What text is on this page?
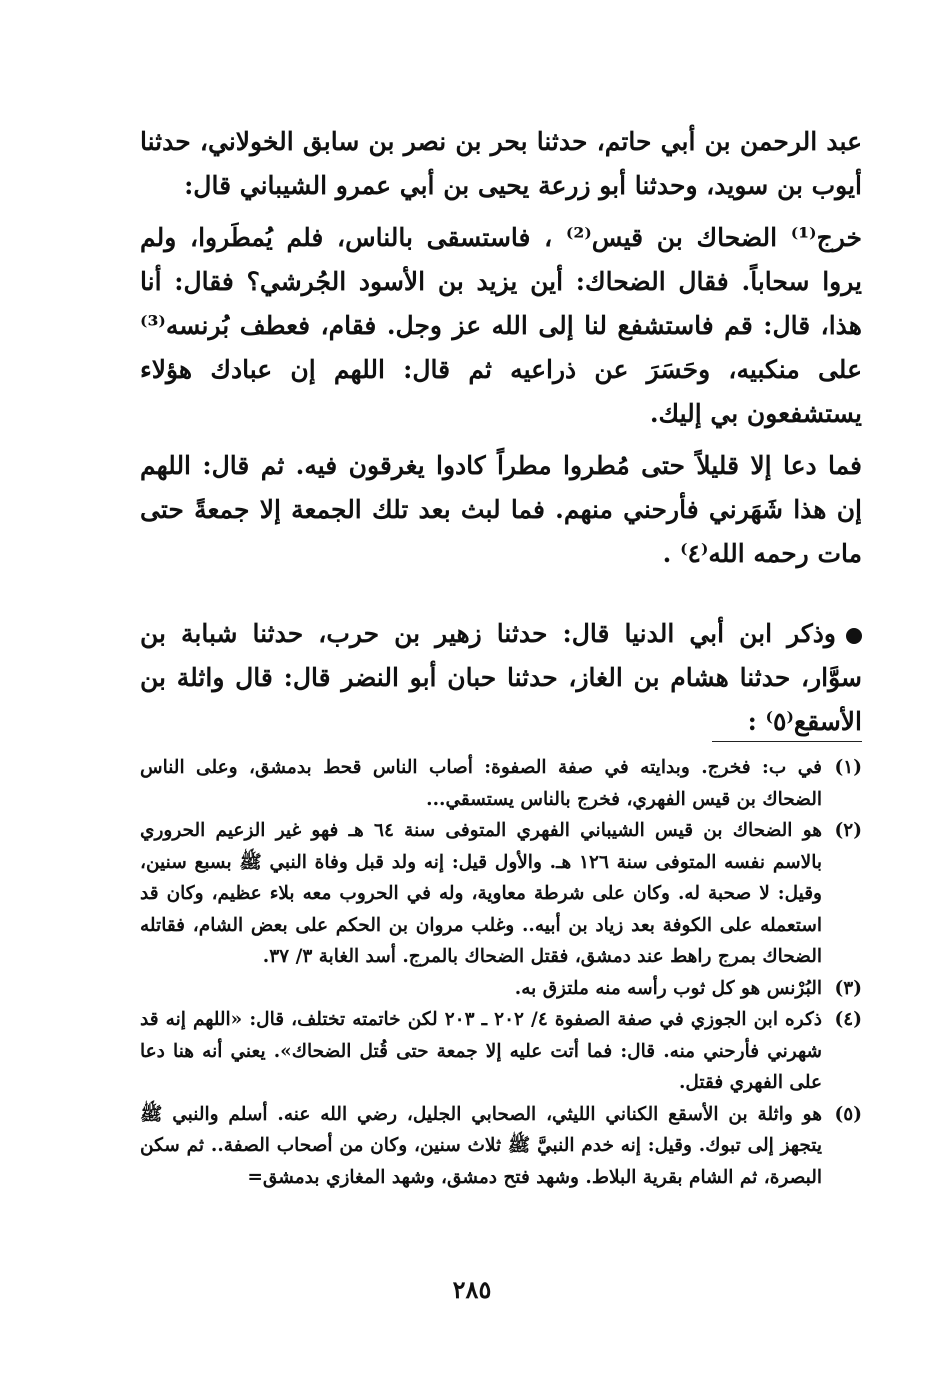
عبد الرحمن بن أبي حاتم، حدثنا بحر بن نصر بن سابق الخولاني، حدثنا أيوب بن سويد، وحدثنا أبو زرعة يحيى بن أبي عمرو الشيباني قال:

خرج⁽¹⁾ الضحاك بن قيس⁽²⁾ ، فاستسقى بالناس، فلم يُمطَروا، ولم يروا سحاباً. فقال الضحاك: أين يزيد بن الأسود الجُرشي؟ فقال: أنا هذا، قال: قم فاستشفع لنا إلى الله عز وجل. فقام، فعطف بُرنسه⁽³⁾ على منكبيه، وحَسَرَ عن ذراعيه ثم قال: اللهم إن عبادك هؤلاء يستشفعون بي إليك.

فما دعا إلا قليلاً حتى مُطروا مطراً كادوا يغرقون فيه. ثم قال: اللهم إن هذا شَهَرني فأرحني منهم. فما لبث بعد تلك الجمعة إلا جمعةً حتى مات رحمه الله⁽٤⁾ .

وذكر ابن أبي الدنيا قال: حدثنا زهير بن حرب، حدثنا شبابة بن سوَّار، حدثنا هشام بن الغاز، حدثنا حبان أبو النضر قال: قال واثلة بن الأسقع⁽٥⁾ :

(١)
في ب: فخرج. وبدايته في صفة الصفوة: أصاب الناس قحط بدمشق، وعلى الناس الضحاك بن قيس الفهري، فخرج بالناس يستسقي...

(٢)
هو الضحاك بن قيس الشيباني الفهري المتوفى سنة ٦٤ هـ فهو غير الزعيم الحروري بالاسم نفسه المتوفى سنة ١٢٦ هـ. والأول قيل: إنه ولد قبل وفاة النبي ﷺ بسبع سنين، وقيل: لا صحبة له. وكان على شرطة معاوية، وله في الحروب معه بلاء عظيم، وكان قد استعمله على الكوفة بعد زياد بن أبيه.. وغلب مروان بن الحكم على بعض الشام، فقاتله الضحاك بمرج راهط عند دمشق، فقتل الضحاك بالمرج. أسد الغابة ٣/ ٣٧.

(٣)
البُرْنس هو كل ثوب رأسه منه ملتزق به.

(٤)
ذكره ابن الجوزي في صفة الصفوة ٤/ ٢٠٢ ـ ٢٠٣ لكن خاتمته تختلف، قال: «اللهم إنه قد شهرني فأرحني منه. قال: فما أتت عليه إلا جمعة حتى قُتل الضحاك». يعني أنه هنا دعا على الفهري فقتل.

(٥)
هو واثلة بن الأسقع الكناني الليثي، الصحابي الجليل، رضي الله عنه. أسلم والنبي ﷺ يتجهز إلى تبوك. وقيل: إنه خدم النبيَّ ﷺ ثلاث سنين، وكان من أصحاب الصفة.. ثم سكن البصرة، ثم الشام بقرية البلاط. وشهد فتح دمشق، وشهد المغازي بدمشق=

٢٨٥
